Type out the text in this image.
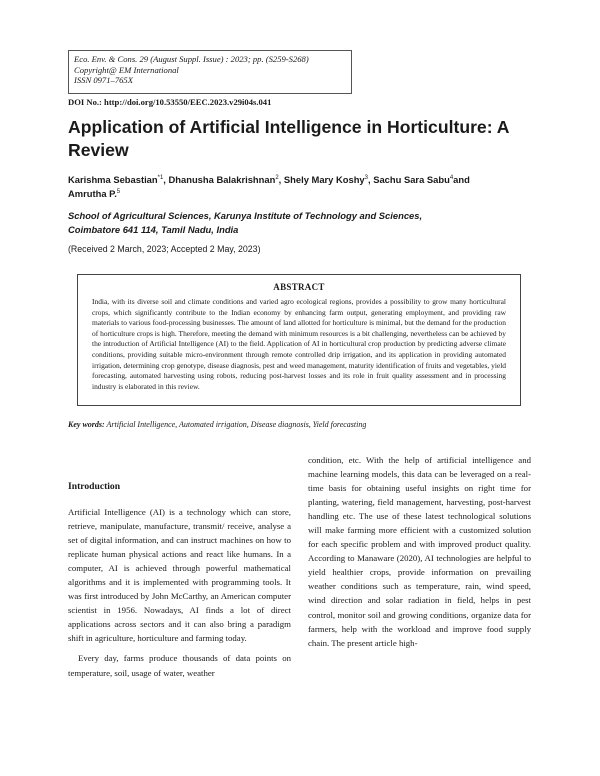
Eco. Env. & Cons. 29 (August Suppl. Issue) : 2023; pp. (S259-S268)
Copyright@ EM International
ISSN 0971–765X
DOI No.: http://doi.org/10.53550/EEC.2023.v29i04s.041
Application of Artificial Intelligence in Horticulture: A Review
Karishma Sebastian$^{*1}$, Dhanusha Balakrishnan$^2$, Shely Mary Koshy$^3$, Sachu Sara Sabu$^4$and
Amrutha P.$^5$
School of Agricultural Sciences, Karunya Institute of Technology and Sciences,
Coimbatore 641 114, Tamil Nadu, India
(Received 2 March, 2023; Accepted 2 May, 2023)
ABSTRACT

India, with its diverse soil and climate conditions and varied agro ecological regions, provides a possibility to grow many horticultural crops, which significantly contribute to the Indian economy by enhancing farm output, generating employment, and providing raw materials to various food-processing businesses. The amount of land allotted for horticulture is minimal, but the demand for the production of horticulture crops is high. Therefore, meeting the demand with minimum resources is a bit challenging, nevertheless can be achieved by the introduction of Artificial Intelligence (AI) to the field. Application of AI in horticultural crop production by predicting adverse climate conditions, providing suitable micro-environment through remote controlled drip irrigation, and its application in providing automated irrigation, determining crop genotype, disease diagnosis, pest and weed management, maturity identification of fruits and vegetables, yield forecasting, automated harvesting using robots, reducing post-harvest losses and its role in fruit quality assessment and in processing industry is elaborated in this review.

Key words: Artificial Intelligence, Automated irrigation, Disease diagnosis, Yield forecasting
Introduction

Artificial Intelligence (AI) is a technology which can store, retrieve, manipulate, manufacture, transmit/ receive, analyse a set of digital information, and can instruct machines on how to replicate human physical actions and react like humans. In a computer, AI is achieved through powerful mathematical algorithms and it is implemented with programming tools. It was first introduced by John McCarthy, an American computer scientist in 1956. Nowadays, AI finds a lot of direct applications across sectors and it can also bring a paradigm shift in agriculture, horticulture and farming today.

Every day, farms produce thousands of data points on temperature, soil, usage of water, weather

condition, etc. With the help of artificial intelligence and machine learning models, this data can be leveraged on a real-time basis for obtaining useful insights on right time for planting, watering, field management, harvesting, post-harvest handling etc. The use of these latest technological solutions will make farming more efficient with a customized solution for each specific problem and with improved product quality. According to Manaware (2020), AI technologies are helpful to yield healthier crops, provide information on prevailing weather conditions such as temperature, rain, wind speed, wind direction and solar radiation in field, helps in pest control, monitor soil and growing conditions, organize data for farmers, help with the workload and improve food supply chain. The present article high-
